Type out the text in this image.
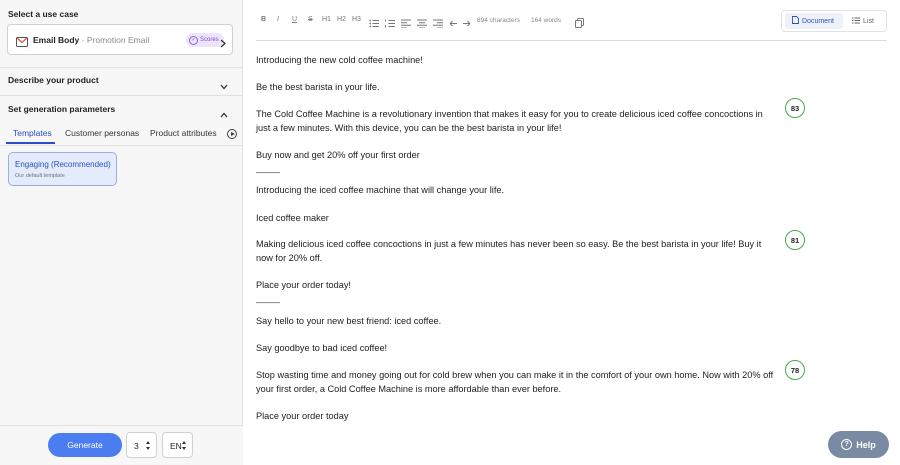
Select a use case
Email Body · Promotion Email	✓ Scores
Describe your product
Set generation parameters
Templates Customer personas Product attributes
Engaging (Recommended)
Our default template
Generate	3	EN
B I U S H1 H2 H3	894 characters 164 words	Document	List
Introducing the new cold coffee machine!
Be the best barista in your life.
The Cold Coffee Machine is a revolutionary invention that makes it easy for you to create delicious iced coffee concoctions in
just a few minutes. With this device, you can be the best barista in your life!
Buy now and get 20% off your first order
———
Introducing the iced coffee machine that will change your life.
Iced coffee maker
Making delicious iced coffee concoctions in just a few minutes has never been so easy. Be the best barista in your life! Buy it
now for 20% off.
Place your order today!
———
Say hello to your new best friend: iced coffee.
Say goodbye to bad iced coffee!
Stop wasting time and money going out for cold brew when you can make it in the comfort of your own home. Now with 20% off
your first order, a Cold Coffee Machine is more affordable than ever before.
Place your order today
83
81
78
? Help
